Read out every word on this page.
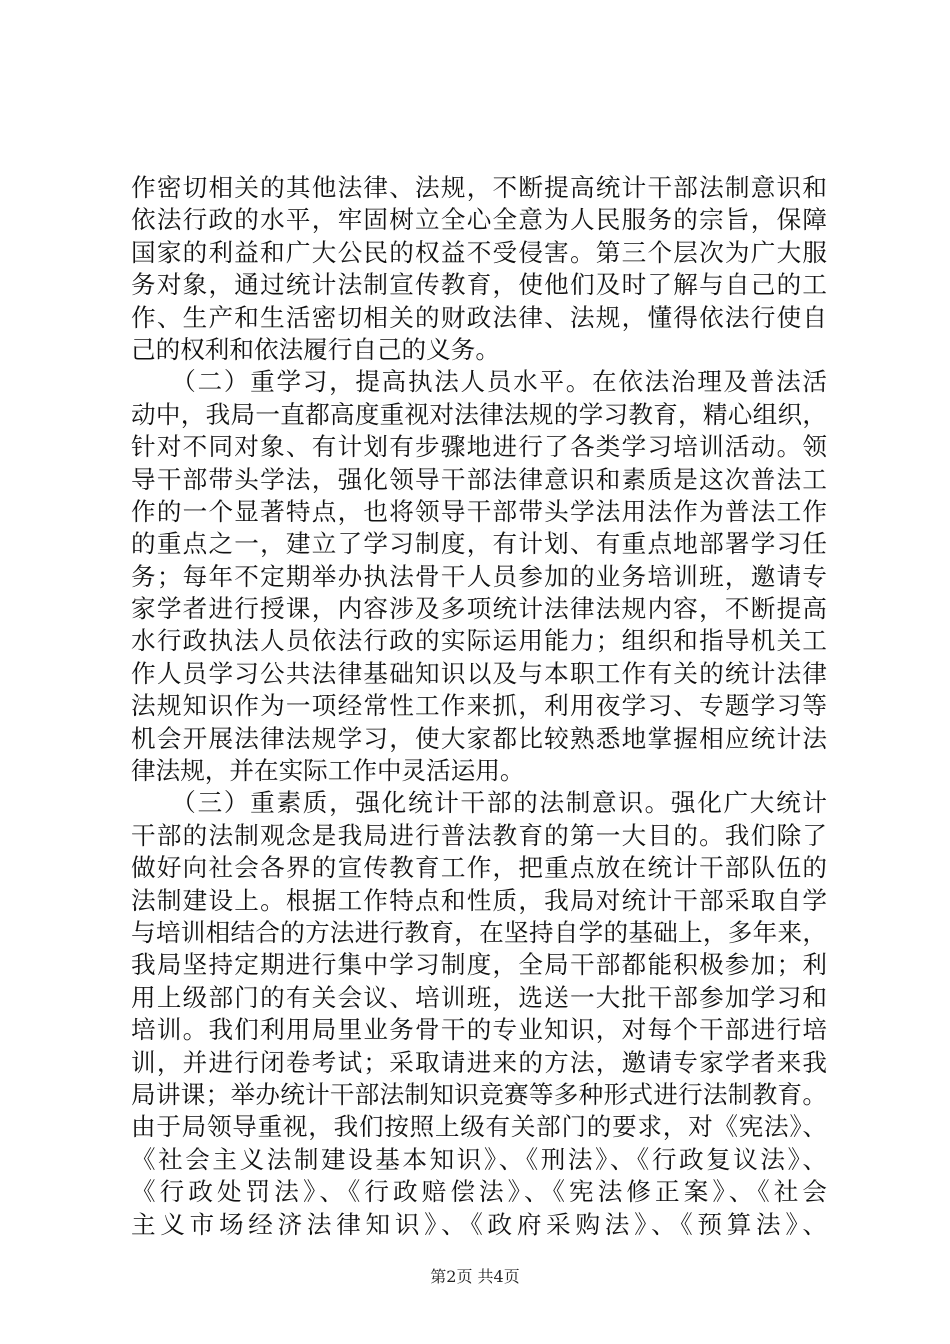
作密切相关的其他法律、法规，不断提高统计干部法制意识和
依法行政的水平，牢固树立全心全意为人民服务的宗旨，保障
国家的利益和广大公民的权益不受侵害。第三个层次为广大服
务对象，通过统计法制宣传教育，使他们及时了解与自己的工
作、生产和生活密切相关的财政法律、法规，懂得依法行使自
己的权利和依法履行自己的义务。
　　（二）重学习，提高执法人员水平。在依法治理及普法活
动中，我局一直都高度重视对法律法规的学习教育，精心组织，
针对不同对象、有计划有步骤地进行了各类学习培训活动。领
导干部带头学法，强化领导干部法律意识和素质是这次普法工
作的一个显著特点，也将领导干部带头学法用法作为普法工作
的重点之一，建立了学习制度，有计划、有重点地部署学习任
务；每年不定期举办执法骨干人员参加的业务培训班，邀请专
家学者进行授课，内容涉及多项统计法律法规内容，不断提高
水行政执法人员依法行政的实际运用能力；组织和指导机关工
作人员学习公共法律基础知识以及与本职工作有关的统计法律
法规知识作为一项经常性工作来抓，利用夜学习、专题学习等
机会开展法律法规学习，使大家都比较熟悉地掌握相应统计法
律法规，并在实际工作中灵活运用。
　　（三）重素质，强化统计干部的法制意识。强化广大统计
干部的法制观念是我局进行普法教育的第一大目的。我们除了
做好向社会各界的宣传教育工作，把重点放在统计干部队伍的
法制建设上。根据工作特点和性质，我局对统计干部采取自学
与培训相结合的方法进行教育，在坚持自学的基础上，多年来，
我局坚持定期进行集中学习制度，全局干部都能积极参加；利
用上级部门的有关会议、培训班，选送一大批干部参加学习和
培训。我们利用局里业务骨干的专业知识，对每个干部进行培
训，并进行闭卷考试；采取请进来的方法，邀请专家学者来我
局讲课；举办统计干部法制知识竞赛等多种形式进行法制教育。
由于局领导重视，我们按照上级有关部门的要求，对《宪法》、
《社会主义法制建设基本知识》、《刑法》、《行政复议法》、
《行政处罚法》、《行政赔偿法》、《宪法修正案》、《社会
主义市场经济法律知识》、《政府采购法》、《预算法》、
第2页 共4页
